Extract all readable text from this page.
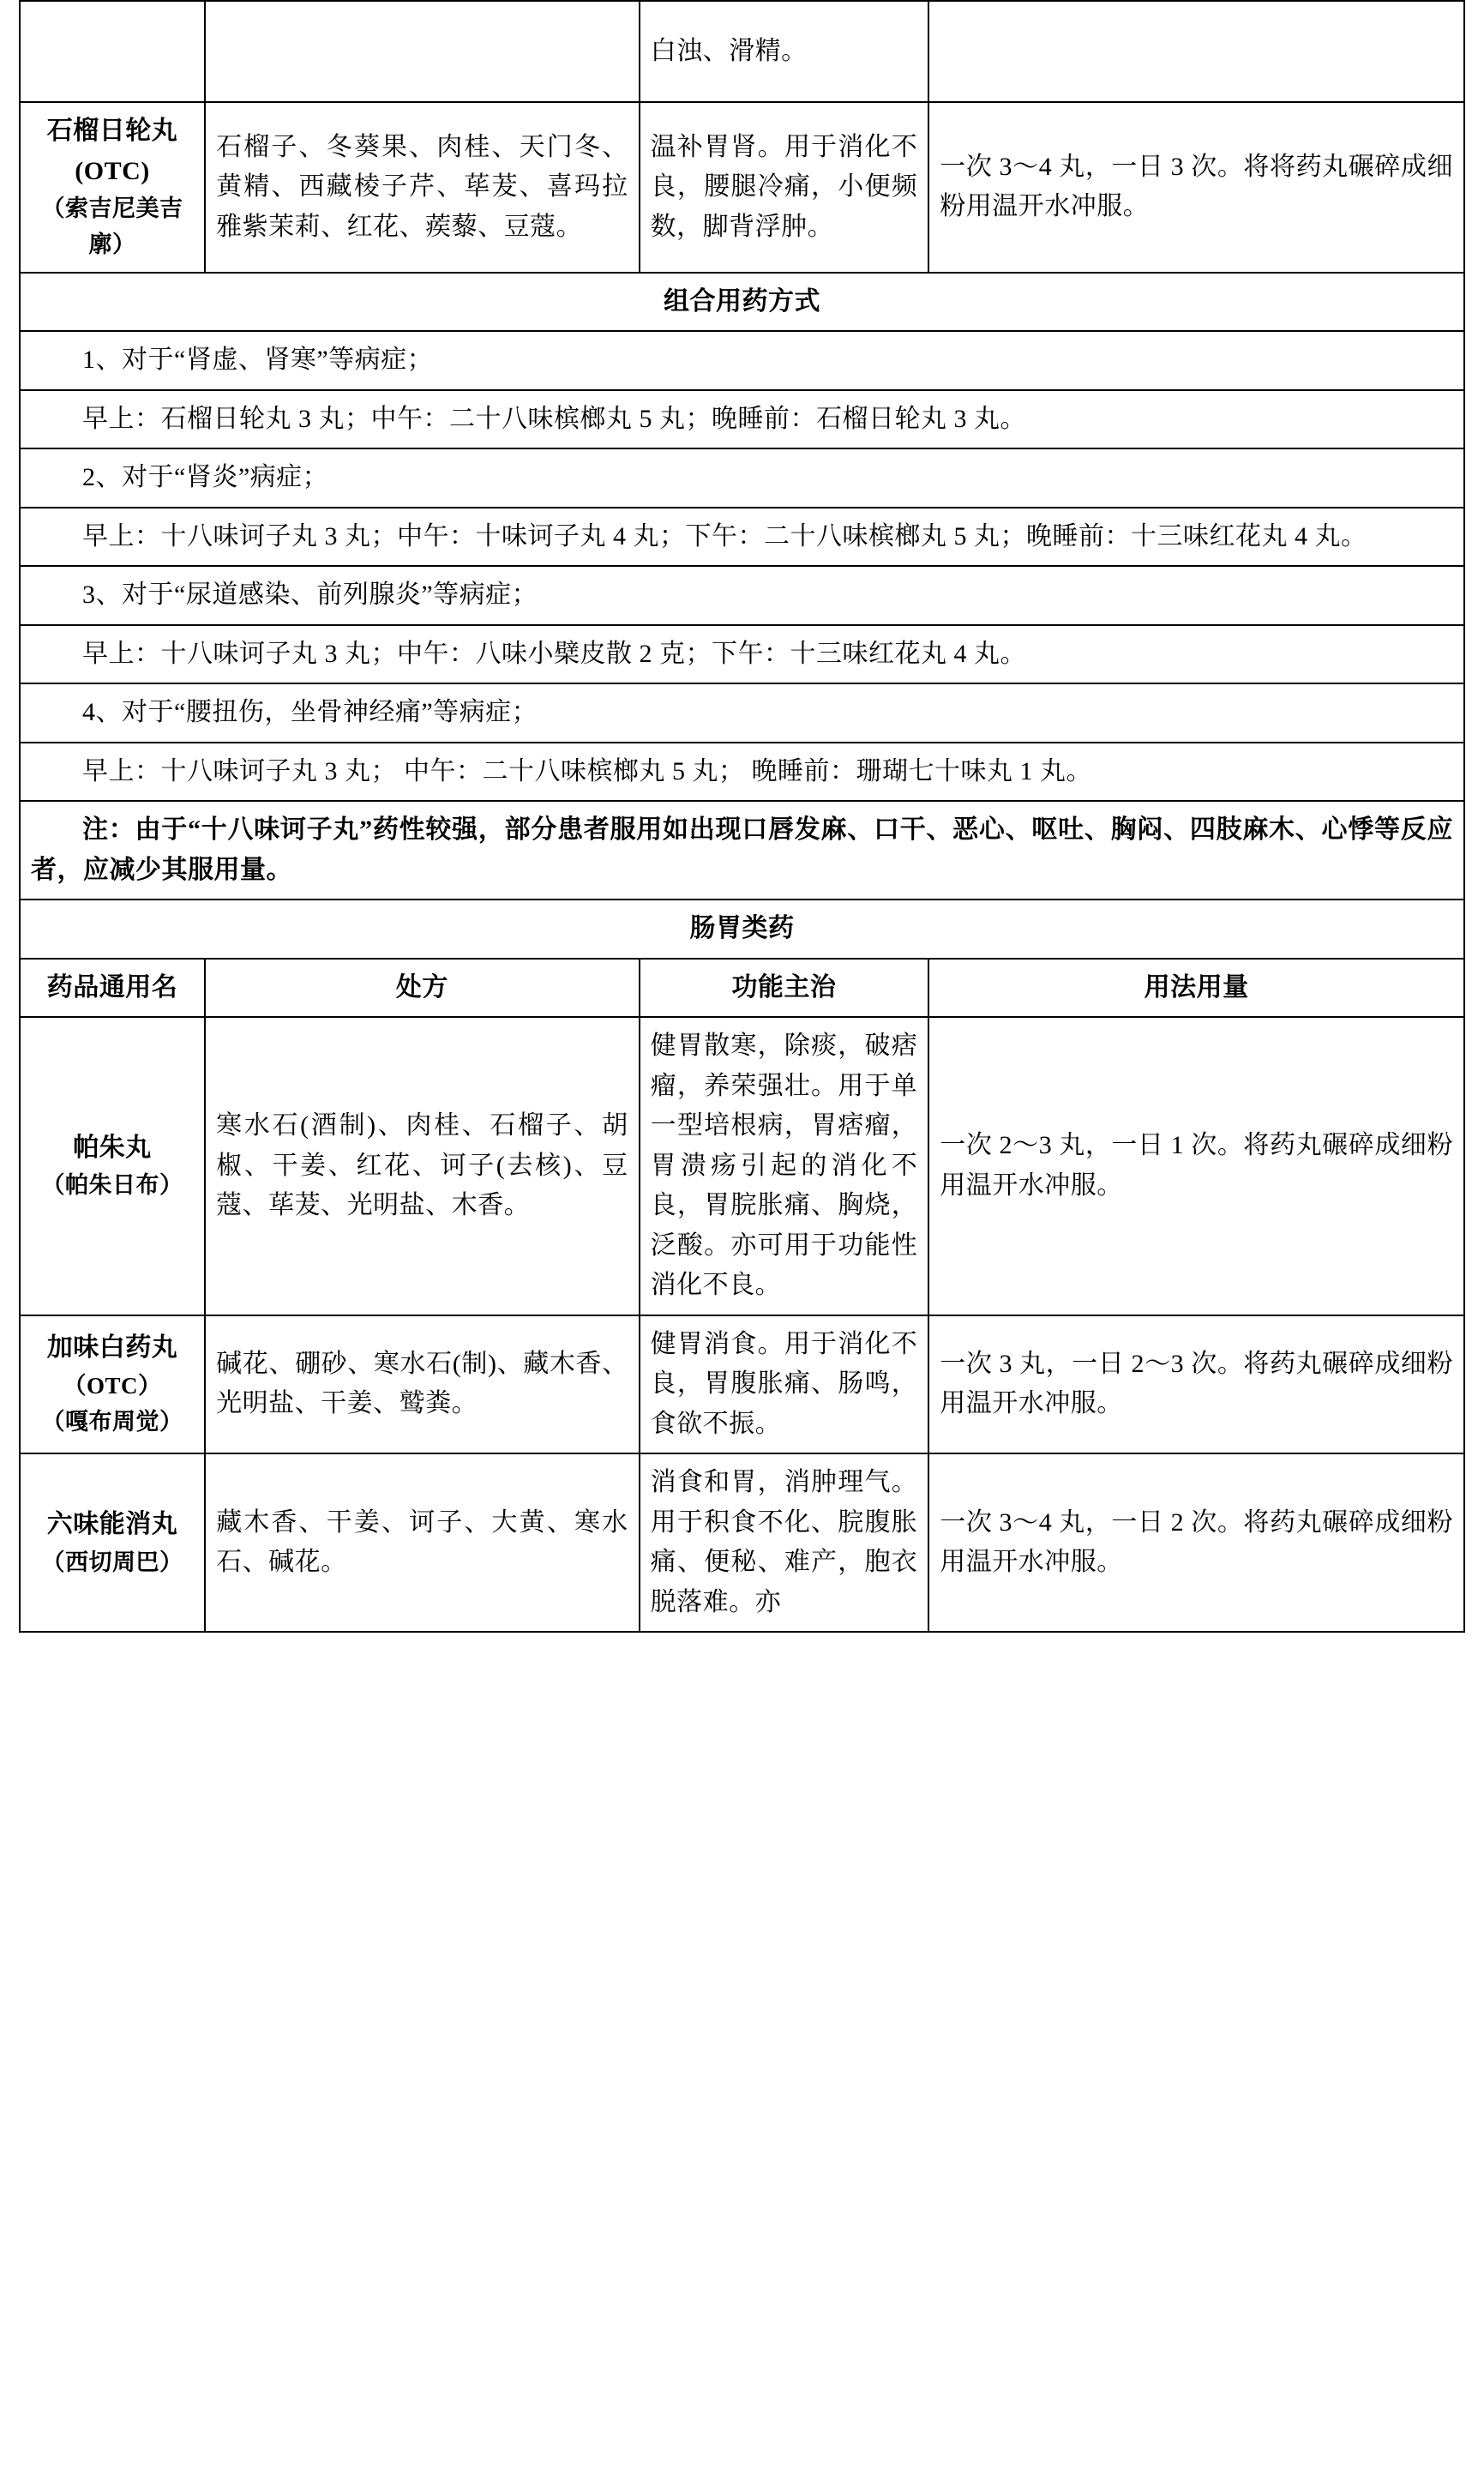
		白浊、滑精。	
石榴日轮丸(OTC)
（索吉尼美吉廓）	石榴子、冬葵果、肉桂、天门冬、黄精、西藏棱子芹、荜茇、喜玛拉雅紫茉莉、红花、蒺藜、豆蔻。	温补胃肾。用于消化不良，腰腿冷痛，小便频数，脚背浮肿。	一次 3～4 丸，一日 3 次。将将药丸碾碎成细粉用温开水冲服。
组合用药方式			
1、对于“肾虚、肾寒”等病症；			
早上：石榴日轮丸 3 丸；中午：二十八味槟榔丸 5 丸；晚睡前：石榴日轮丸 3 丸。			
2、对于“肾炎”病症；			
早上：十八味诃子丸 3 丸；中午：十味诃子丸 4 丸；下午：二十八味槟榔丸 5 丸；晚睡前：十三味红花丸 4 丸。			
3、对于“尿道感染、前列腺炎”等病症；			
早上：十八味诃子丸 3 丸；中午：八味小檗皮散 2 克；下午：十三味红花丸 4 丸。			
4、对于“腰扭伤，坐骨神经痛”等病症；			
早上：十八味诃子丸 3 丸； 中午：二十八味槟榔丸 5 丸； 晚睡前：珊瑚七十味丸 1 丸。			
注：由于“十八味诃子丸”药性较强，部分患者服用如出现口唇发麻、口干、恶心、呕吐、胸闷、四肢麻木、心悸等反应者，应减少其服用量。			
肠胃类药			
药品通用名	处方	功能主治	用法用量
帕朱丸
（帕朱日布）	寒水石(酒制)、肉桂、石榴子、胡椒、干姜、红花、诃子(去核)、豆蔻、荜茇、光明盐、木香。	健胃散寒，除痰，破痞瘤，养荣强壮。用于单一型培根病，胃痞瘤，胃溃疡引起的消化不良，胃脘胀痛、胸烧，泛酸。亦可用于功能性消化不良。	一次 2～3 丸，一日 1 次。将药丸碾碎成细粉用温开水冲服。
加味白药丸
（OTC）
（嘎布周觉）	碱花、硼砂、寒水石(制)、藏木香、光明盐、干姜、鹫粪。	健胃消食。用于消化不良，胃腹胀痛、肠鸣，食欲不振。	一次 3 丸，一日 2～3 次。将药丸碾碎成细粉用温开水冲服。
六味能消丸
（西切周巴）	藏木香、干姜、诃子、大黄、寒水石、碱花。	消食和胃，消肿理气。用于积食不化、脘腹胀痛、便秘、难产，胞衣脱落难。亦	一次 3～4 丸，一日 2 次。将药丸碾碎成细粉用温开水冲服。
